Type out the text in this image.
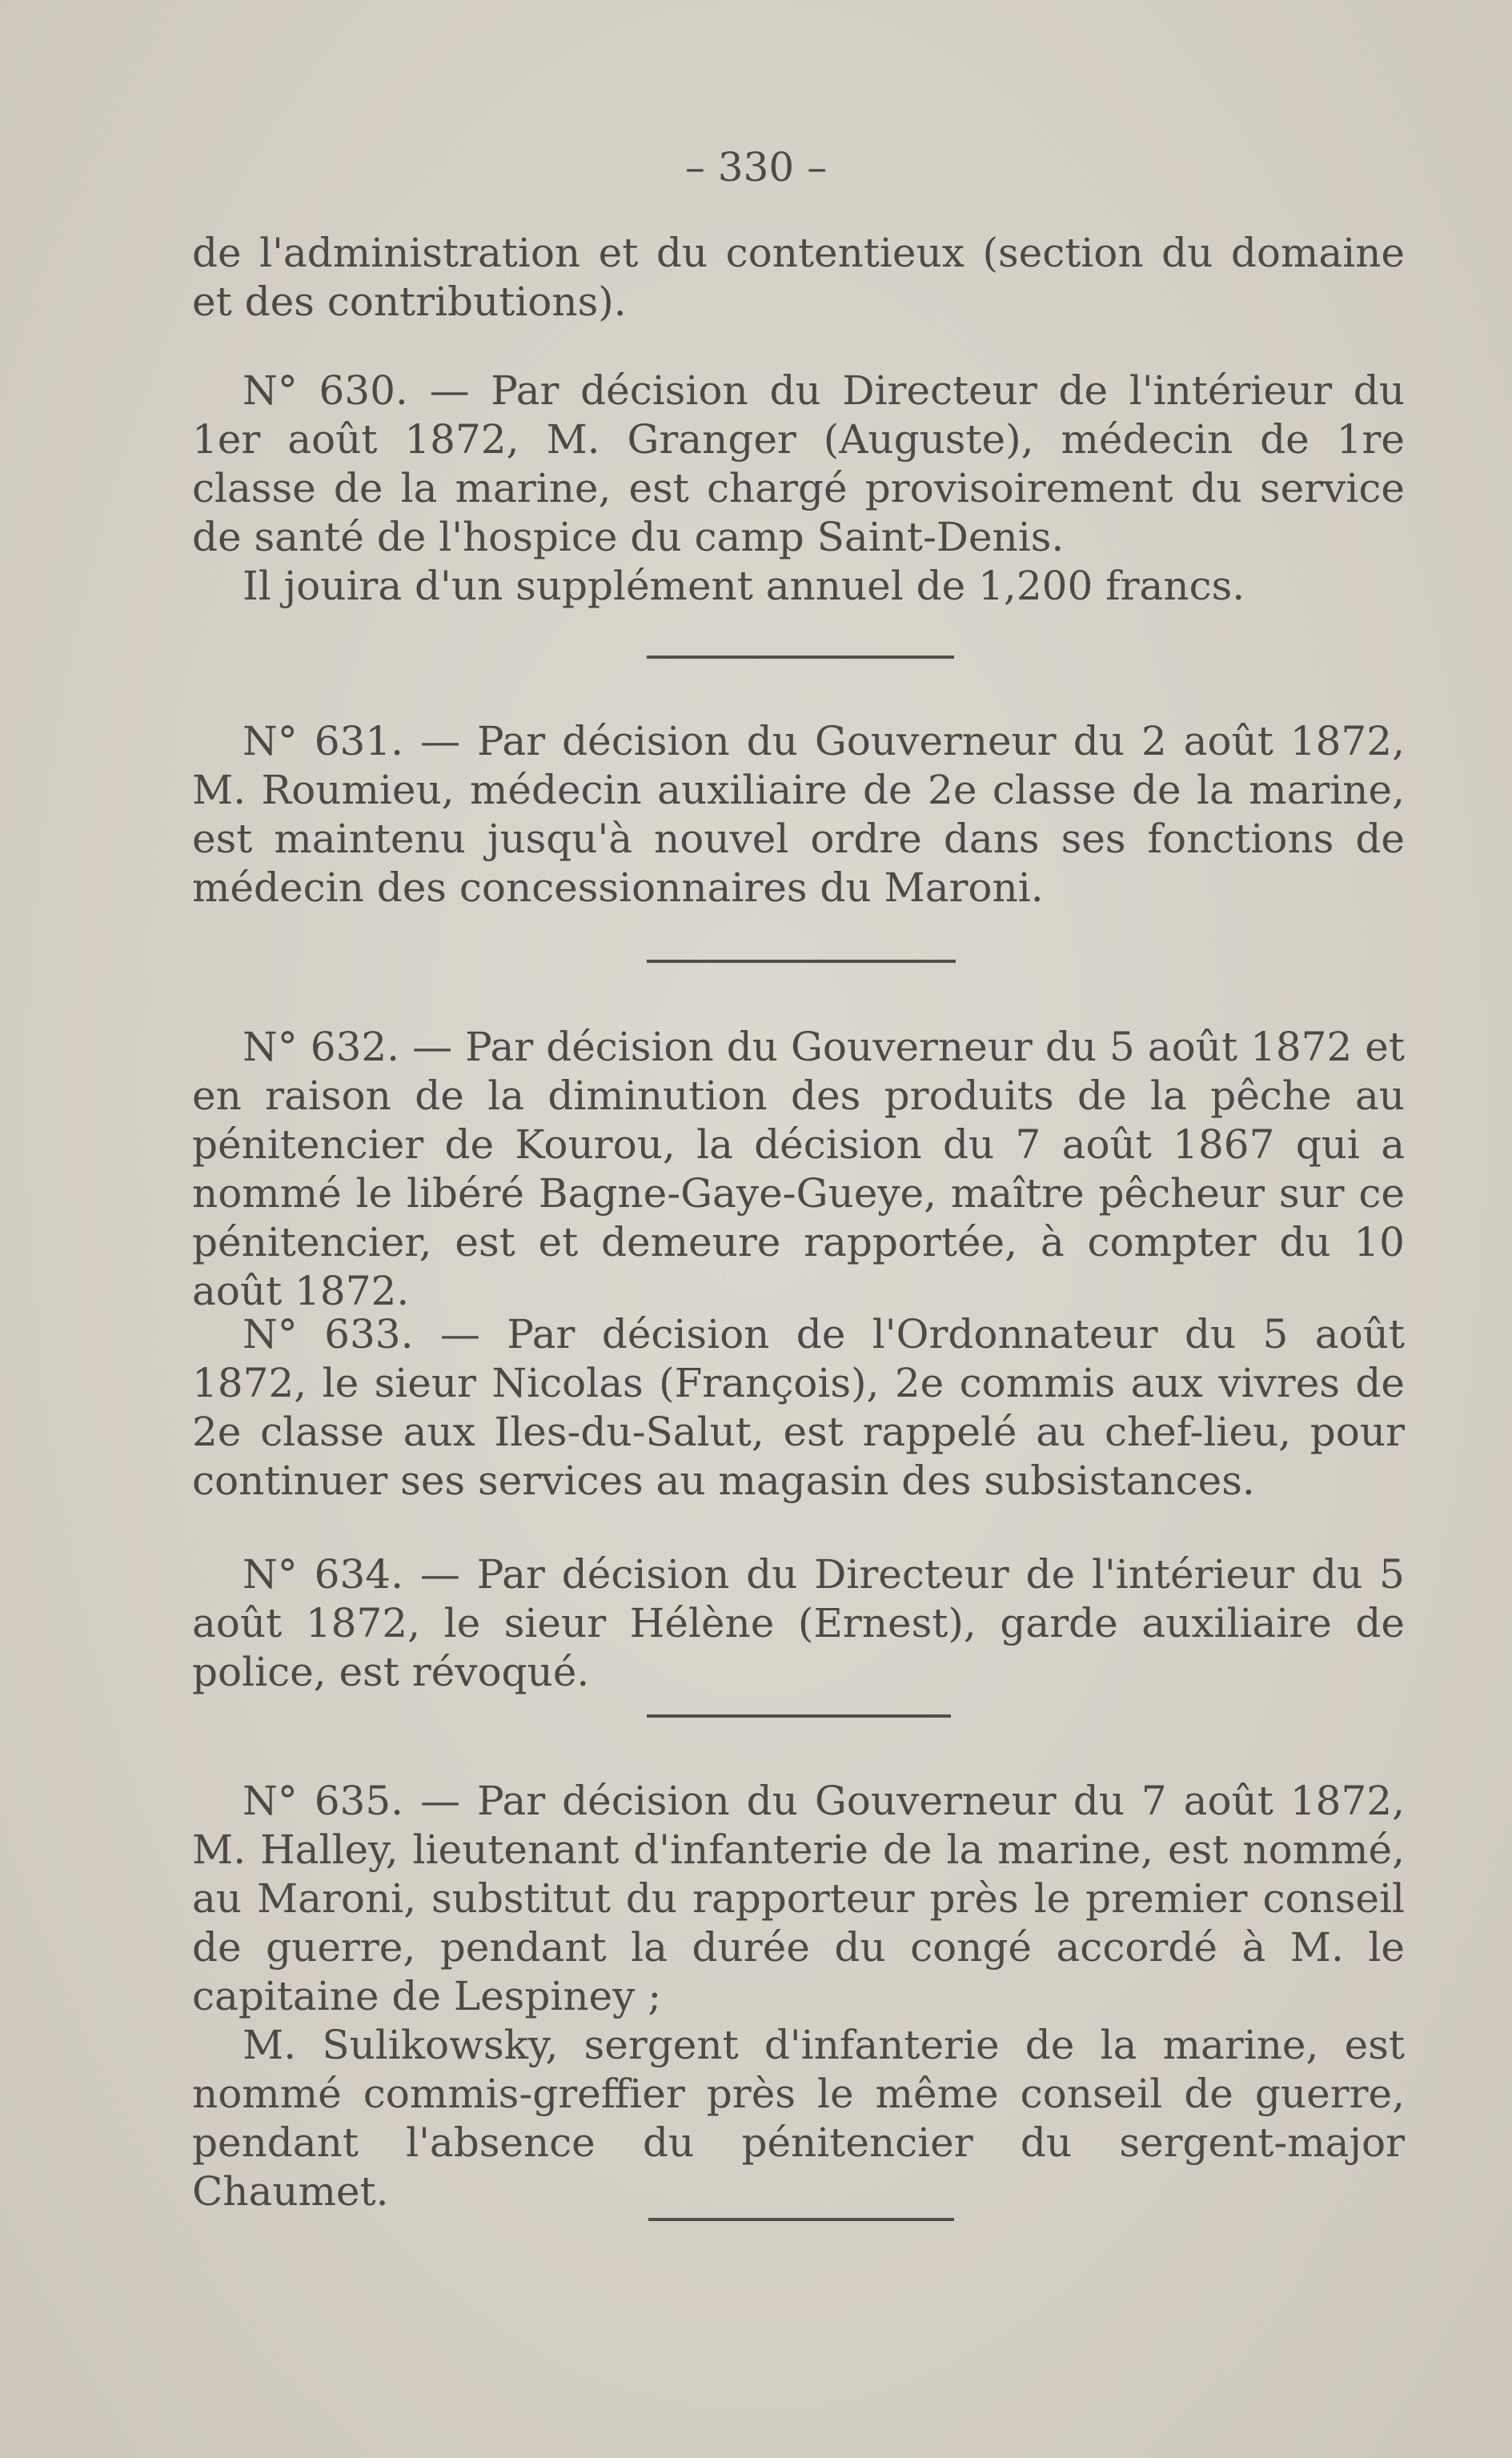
– 330 –

de l'administration et du contentieux (section du domaine et des contributions).

N° 630. — Par décision du Directeur de l'intérieur du 1er août 1872, M. Granger (Auguste), médecin de 1re classe de la marine, est chargé provisoirement du service de santé de l'hospice du camp Saint-Denis.

Il jouira d'un supplément annuel de 1,200 francs.

N° 631. — Par décision du Gouverneur du 2 août 1872, M. Roumieu, médecin auxiliaire de 2e classe de la marine, est maintenu jusqu'à nouvel ordre dans ses fonctions de médecin des concessionnaires du Maroni.

N° 632. — Par décision du Gouverneur du 5 août 1872 et en raison de la diminution des produits de la pêche au pénitencier de Kourou, la décision du 7 août 1867 qui a nommé le libéré Bagne-Gaye-Gueye, maître pêcheur sur ce pénitencier, est et demeure rapportée, à compter du 10 août 1872.

N° 633. — Par décision de l'Ordonnateur du 5 août 1872, le sieur Nicolas (François), 2e commis aux vivres de 2e classe aux Iles-du-Salut, est rappelé au chef-lieu, pour continuer ses services au magasin des subsistances.

N° 634. — Par décision du Directeur de l'intérieur du 5 août 1872, le sieur Hélène (Ernest), garde auxiliaire de police, est révoqué.

N° 635. — Par décision du Gouverneur du 7 août 1872, M. Halley, lieutenant d'infanterie de la marine, est nommé, au Maroni, substitut du rapporteur près le premier conseil de guerre, pendant la durée du congé accordé à M. le capitaine de Lespiney ;

M. Sulikowsky, sergent d'infanterie de la marine, est nommé commis-greffier près le même conseil de guerre, pendant l'absence du pénitencier du sergent-major Chaumet.
